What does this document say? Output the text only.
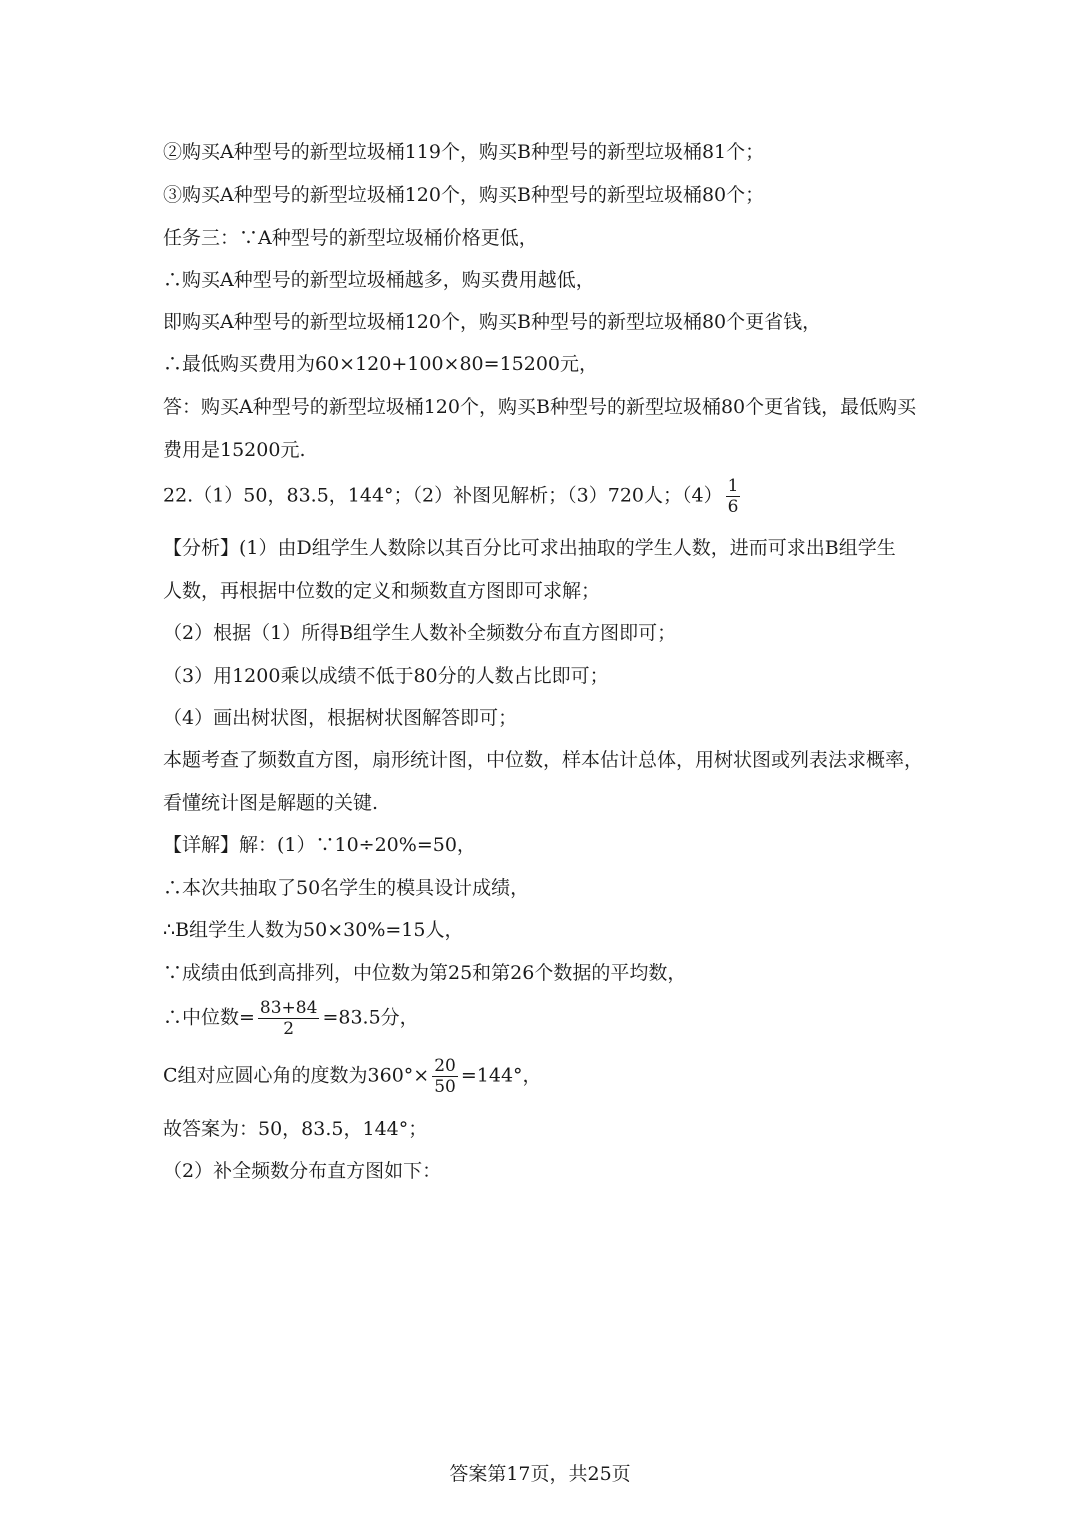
②购买A种型号的新型垃圾桶119个，购买B种型号的新型垃圾桶81个；
③购买A种型号的新型垃圾桶120个，购买B种型号的新型垃圾桶80个；
任务三：∵A种型号的新型垃圾桶价格更低，
∴购买A种型号的新型垃圾桶越多，购买费用越低，
即购买A种型号的新型垃圾桶120个，购买B种型号的新型垃圾桶80个更省钱，
∴最低购买费用为60×120+100×80=15200元，
答：购买A种型号的新型垃圾桶120个，购买B种型号的新型垃圾桶80个更省钱，最低购买
费用是15200元.
22.（1）50，83.5，144°；（2）补图见解析；（3）720人；$(4) \frac{1}{6}$
【分析】(1）由D组学生人数除以其百分比可求出抽取的学生人数，进而可求出B组学生
人数，再根据中位数的定义和频数直方图即可求解；
（2）根据（1）所得B组学生人数补全频数分布直方图即可；
（3）用1200乘以成绩不低于80分的人数占比即可；
（4）画出树状图，根据树状图解答即可；
本题考查了频数直方图，扇形统计图，中位数，样本估计总体，用树状图或列表法求概率，
看懂统计图是解题的关键.
【详解】解：(1）∵10÷20%=50，
∴本次共抽取了50名学生的模具设计成绩，
∴B组学生人数为50×30%=15人，
∵成绩由低到高排列，中位数为第25和第26个数据的平均数，
∴中位数= $\frac{83+84}{2} =83.5$分，
C组对应圆心角的度数为$360^\circ\times \frac{20}{50} =144^\circ$，
故答案为：50，83.5，144°；
（2）补全频数分布直方图如下：
答案第17页，共25页
